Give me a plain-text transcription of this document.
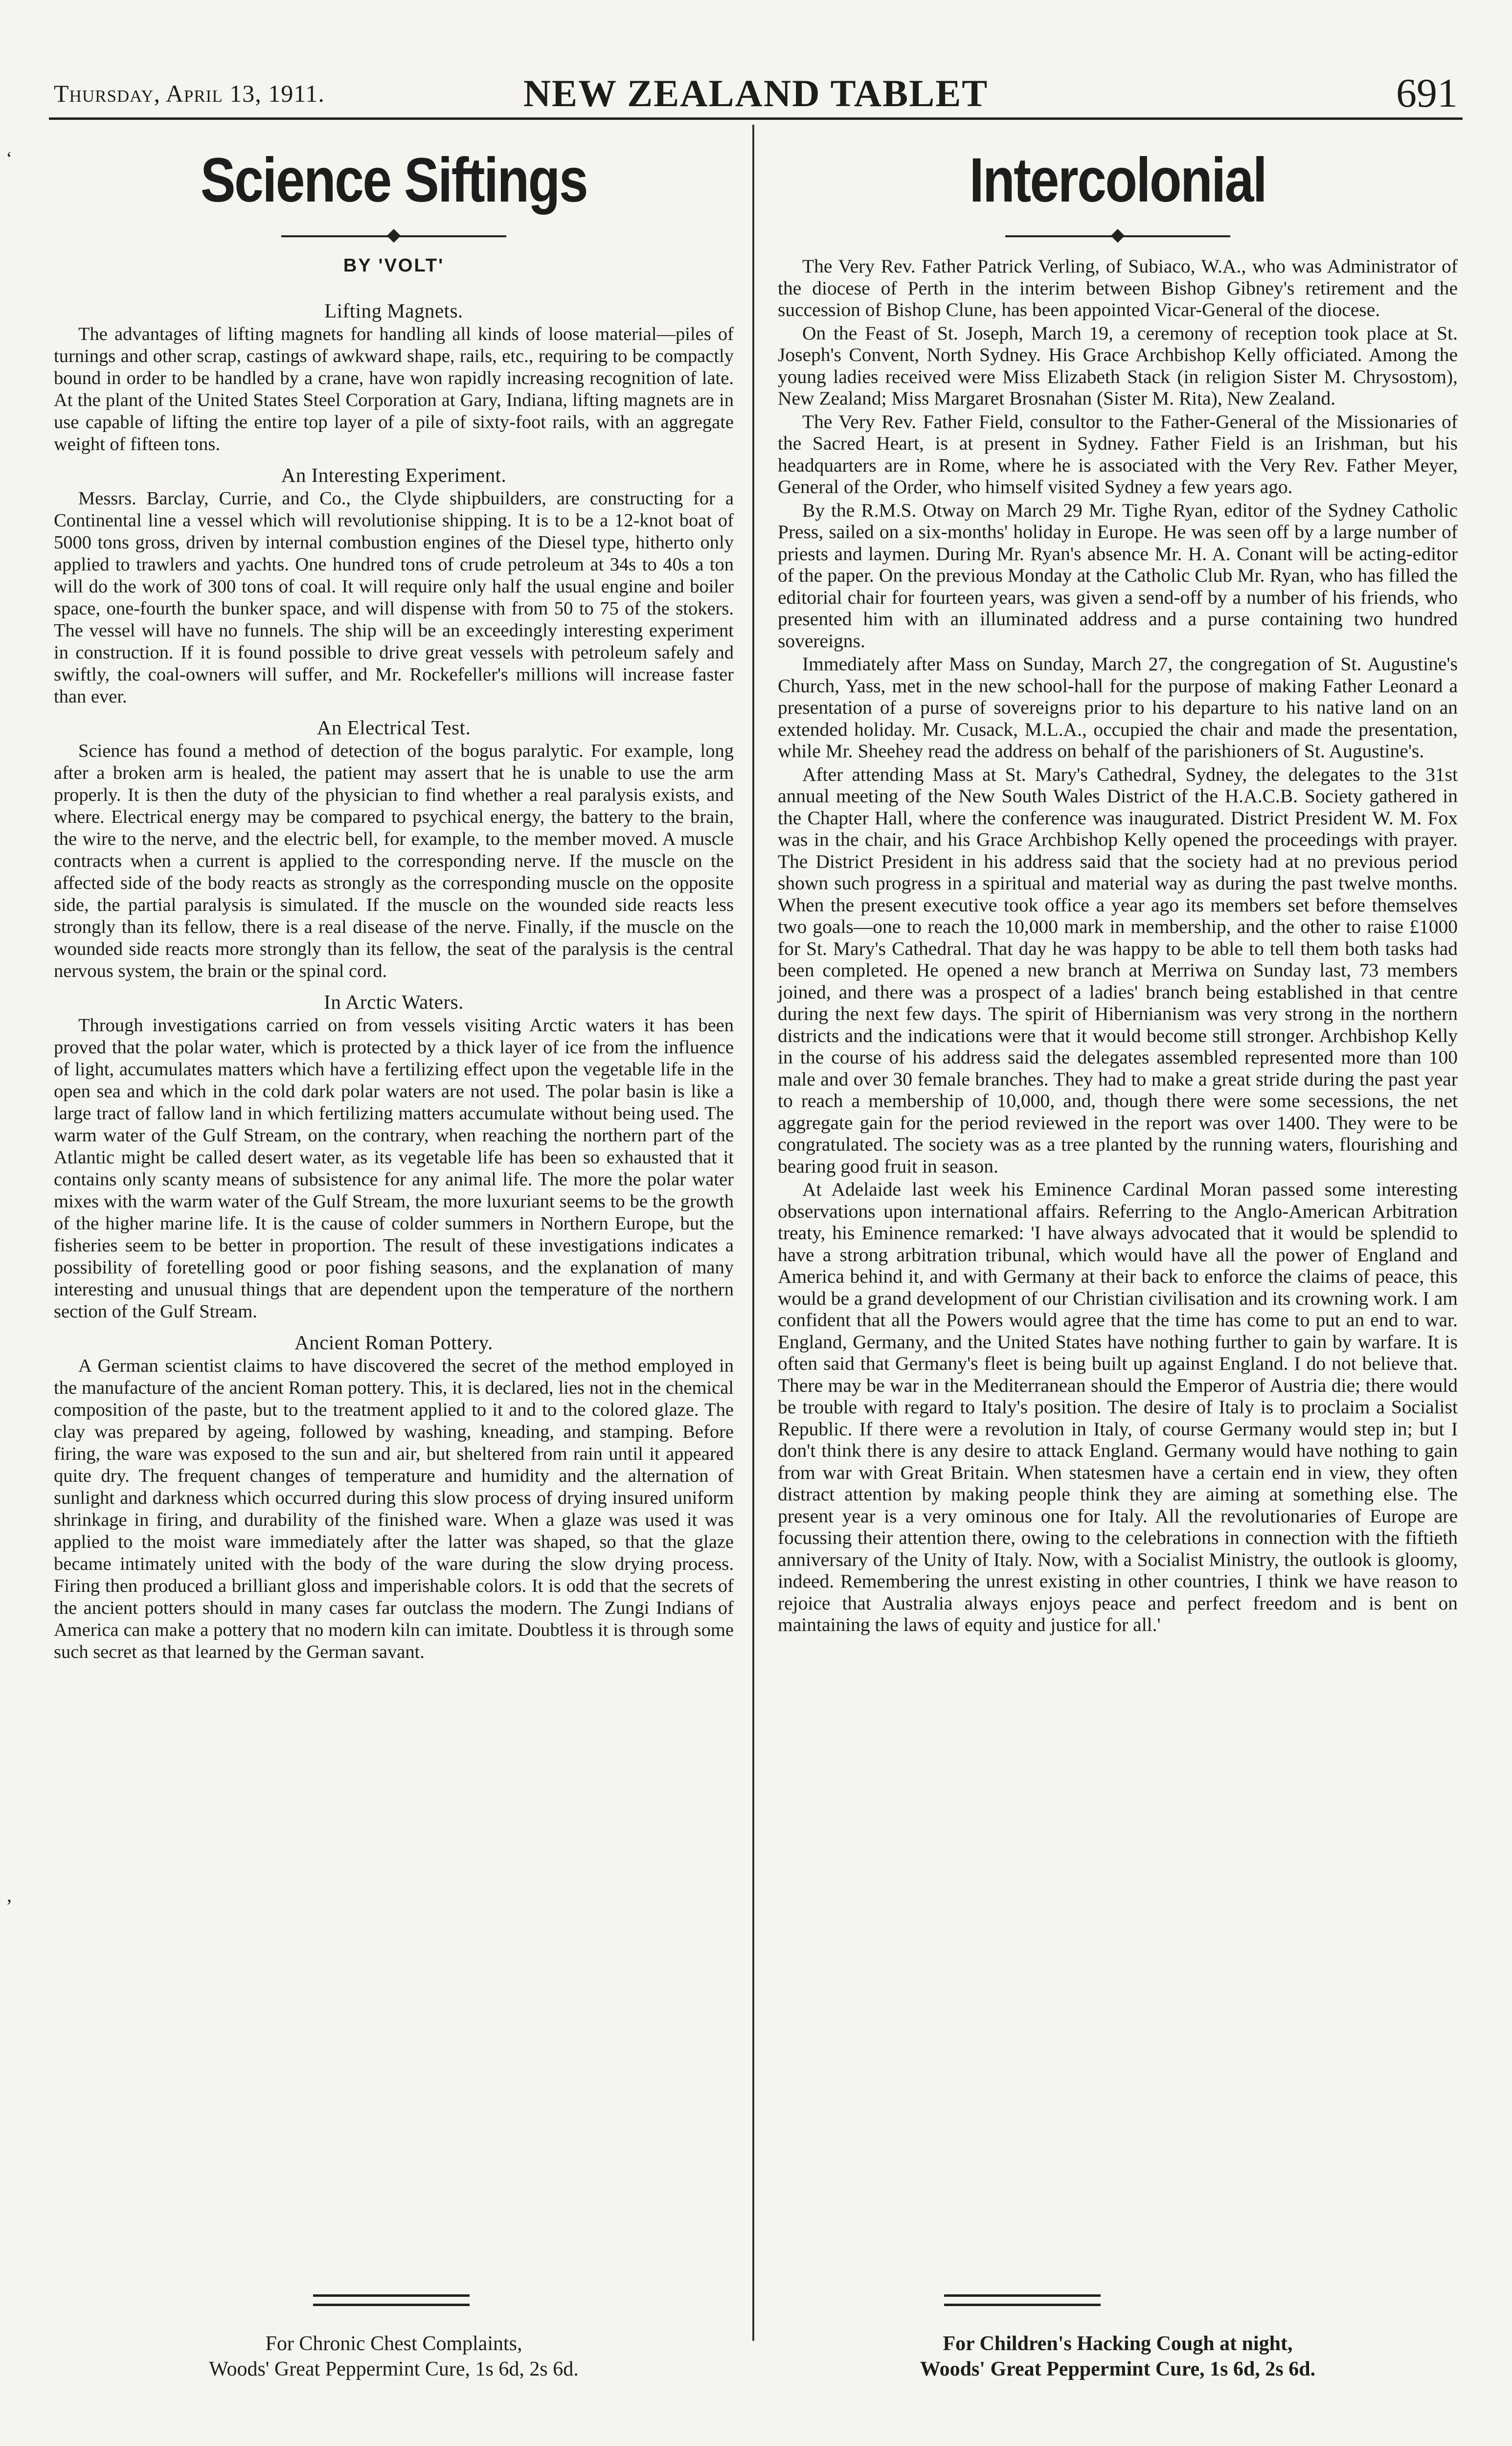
Thursday, April 13, 1911.	NEW ZEALAND TABLET	691
‘
‚
Science Siftings
BY 'VOLT'
Lifting Magnets.

The advantages of lifting magnets for handling all kinds of loose material—piles of turnings and other scrap, castings of awkward shape, rails, etc., requiring to be compactly bound in order to be handled by a crane, have won rapidly increasing recognition of late. At the plant of the United States Steel Corporation at Gary, Indiana, lifting magnets are in use capable of lifting the entire top layer of a pile of sixty-foot rails, with an aggregate weight of fifteen tons.

An Interesting Experiment.

Messrs. Barclay, Currie, and Co., the Clyde shipbuilders, are constructing for a Continental line a vessel which will revolutionise shipping. It is to be a 12-knot boat of 5000 tons gross, driven by internal combustion engines of the Diesel type, hitherto only applied to trawlers and yachts. One hundred tons of crude petroleum at 34s to 40s a ton will do the work of 300 tons of coal. It will require only half the usual engine and boiler space, one-fourth the bunker space, and will dispense with from 50 to 75 of the stokers. The vessel will have no funnels. The ship will be an exceedingly interesting experiment in construction. If it is found possible to drive great vessels with petroleum safely and swiftly, the coal-owners will suffer, and Mr. Rockefeller's millions will increase faster than ever.

An Electrical Test.

Science has found a method of detection of the bogus paralytic. For example, long after a broken arm is healed, the patient may assert that he is unable to use the arm properly. It is then the duty of the physician to find whether a real paralysis exists, and where. Electrical energy may be compared to psychical energy, the battery to the brain, the wire to the nerve, and the electric bell, for example, to the member moved. A muscle contracts when a current is applied to the corresponding nerve. If the muscle on the affected side of the body reacts as strongly as the corresponding muscle on the opposite side, the partial paralysis is simulated. If the muscle on the wounded side reacts less strongly than its fellow, there is a real disease of the nerve. Finally, if the muscle on the wounded side reacts more strongly than its fellow, the seat of the paralysis is the central nervous system, the brain or the spinal cord.

In Arctic Waters.

Through investigations carried on from vessels visiting Arctic waters it has been proved that the polar water, which is protected by a thick layer of ice from the influence of light, accumulates matters which have a fertilizing effect upon the vegetable life in the open sea and which in the cold dark polar waters are not used. The polar basin is like a large tract of fallow land in which fertilizing matters accumulate without being used. The warm water of the Gulf Stream, on the contrary, when reaching the northern part of the Atlantic might be called desert water, as its vegetable life has been so exhausted that it contains only scanty means of subsistence for any animal life. The more the polar water mixes with the warm water of the Gulf Stream, the more luxuriant seems to be the growth of the higher marine life. It is the cause of colder summers in Northern Europe, but the fisheries seem to be better in proportion. The result of these investigations indicates a possibility of foretelling good or poor fishing seasons, and the explanation of many interesting and unusual things that are dependent upon the temperature of the northern section of the Gulf Stream.

Ancient Roman Pottery.

A German scientist claims to have discovered the secret of the method employed in the manufacture of the ancient Roman pottery. This, it is declared, lies not in the chemical composition of the paste, but to the treatment applied to it and to the colored glaze. The clay was prepared by ageing, followed by washing, kneading, and stamping. Before firing, the ware was exposed to the sun and air, but sheltered from rain until it appeared quite dry. The frequent changes of temperature and humidity and the alternation of sunlight and darkness which occurred during this slow process of drying insured uniform shrinkage in firing, and durability of the finished ware. When a glaze was used it was applied to the moist ware immediately after the latter was shaped, so that the glaze became intimately united with the body of the ware during the slow drying process. Firing then produced a brilliant gloss and imperishable colors. It is odd that the secrets of the ancient potters should in many cases far outclass the modern. The Zungi Indians of America can make a pottery that no modern kiln can imitate. Doubtless it is through some such secret as that learned by the German savant.

Intercolonial

The Very Rev. Father Patrick Verling, of Subiaco, W.A., who was Administrator of the diocese of Perth in the interim between Bishop Gibney's retirement and the succession of Bishop Clune, has been appointed Vicar-General of the diocese.

On the Feast of St. Joseph, March 19, a ceremony of reception took place at St. Joseph's Convent, North Sydney. His Grace Archbishop Kelly officiated. Among the young ladies received were Miss Elizabeth Stack (in religion Sister M. Chrysostom), New Zealand; Miss Margaret Brosnahan (Sister M. Rita), New Zealand.

The Very Rev. Father Field, consultor to the Father-General of the Missionaries of the Sacred Heart, is at present in Sydney. Father Field is an Irishman, but his headquarters are in Rome, where he is associated with the Very Rev. Father Meyer, General of the Order, who himself visited Sydney a few years ago.

By the R.M.S. Otway on March 29 Mr. Tighe Ryan, editor of the Sydney Catholic Press, sailed on a six-months' holiday in Europe. He was seen off by a large number of priests and laymen. During Mr. Ryan's absence Mr. H. A. Conant will be acting-editor of the paper. On the previous Monday at the Catholic Club Mr. Ryan, who has filled the editorial chair for fourteen years, was given a send-off by a number of his friends, who presented him with an illuminated address and a purse containing two hundred sovereigns.

Immediately after Mass on Sunday, March 27, the congregation of St. Augustine's Church, Yass, met in the new school-hall for the purpose of making Father Leonard a presentation of a purse of sovereigns prior to his departure to his native land on an extended holiday. Mr. Cusack, M.L.A., occupied the chair and made the presentation, while Mr. Sheehey read the address on behalf of the parishioners of St. Augustine's.

After attending Mass at St. Mary's Cathedral, Sydney, the delegates to the 31st annual meeting of the New South Wales District of the H.A.C.B. Society gathered in the Chapter Hall, where the conference was inaugurated. District President W. M. Fox was in the chair, and his Grace Archbishop Kelly opened the proceedings with prayer. The District President in his address said that the society had at no previous period shown such progress in a spiritual and material way as during the past twelve months. When the present executive took office a year ago its members set before themselves two goals—one to reach the 10,000 mark in membership, and the other to raise £1000 for St. Mary's Cathedral. That day he was happy to be able to tell them both tasks had been completed. He opened a new branch at Merriwa on Sunday last, 73 members joined, and there was a prospect of a ladies' branch being established in that centre during the next few days. The spirit of Hibernianism was very strong in the northern districts and the indications were that it would become still stronger. Archbishop Kelly in the course of his address said the delegates assembled represented more than 100 male and over 30 female branches. They had to make a great stride during the past year to reach a membership of 10,000, and, though there were some secessions, the net aggregate gain for the period reviewed in the report was over 1400. They were to be congratulated. The society was as a tree planted by the running waters, flourishing and bearing good fruit in season.

At Adelaide last week his Eminence Cardinal Moran passed some interesting observations upon international affairs. Referring to the Anglo-American Arbitration treaty, his Eminence remarked: 'I have always advocated that it would be splendid to have a strong arbitration tribunal, which would have all the power of England and America behind it, and with Germany at their back to enforce the claims of peace, this would be a grand development of our Christian civilisation and its crowning work. I am confident that all the Powers would agree that the time has come to put an end to war. England, Germany, and the United States have nothing further to gain by warfare. It is often said that Germany's fleet is being built up against England. I do not believe that. There may be war in the Mediterranean should the Emperor of Austria die; there would be trouble with regard to Italy's position. The desire of Italy is to proclaim a Socialist Republic. If there were a revolution in Italy, of course Germany would step in; but I don't think there is any desire to attack England. Germany would have nothing to gain from war with Great Britain. When statesmen have a certain end in view, they often distract attention by making people think they are aiming at something else. The present year is a very ominous one for Italy. All the revolutionaries of Europe are focussing their attention there, owing to the celebrations in connection with the fiftieth anniversary of the Unity of Italy. Now, with a Socialist Ministry, the outlook is gloomy, indeed. Remembering the unrest existing in other countries, I think we have reason to rejoice that Australia always enjoys peace and perfect freedom and is bent on maintaining the laws of equity and justice for all.'

For Chronic Chest Complaints,
Woods' Great Peppermint Cure, 1s 6d, 2s 6d.
For Children's Hacking Cough at night,
Woods' Great Peppermint Cure, 1s 6d, 2s 6d.
